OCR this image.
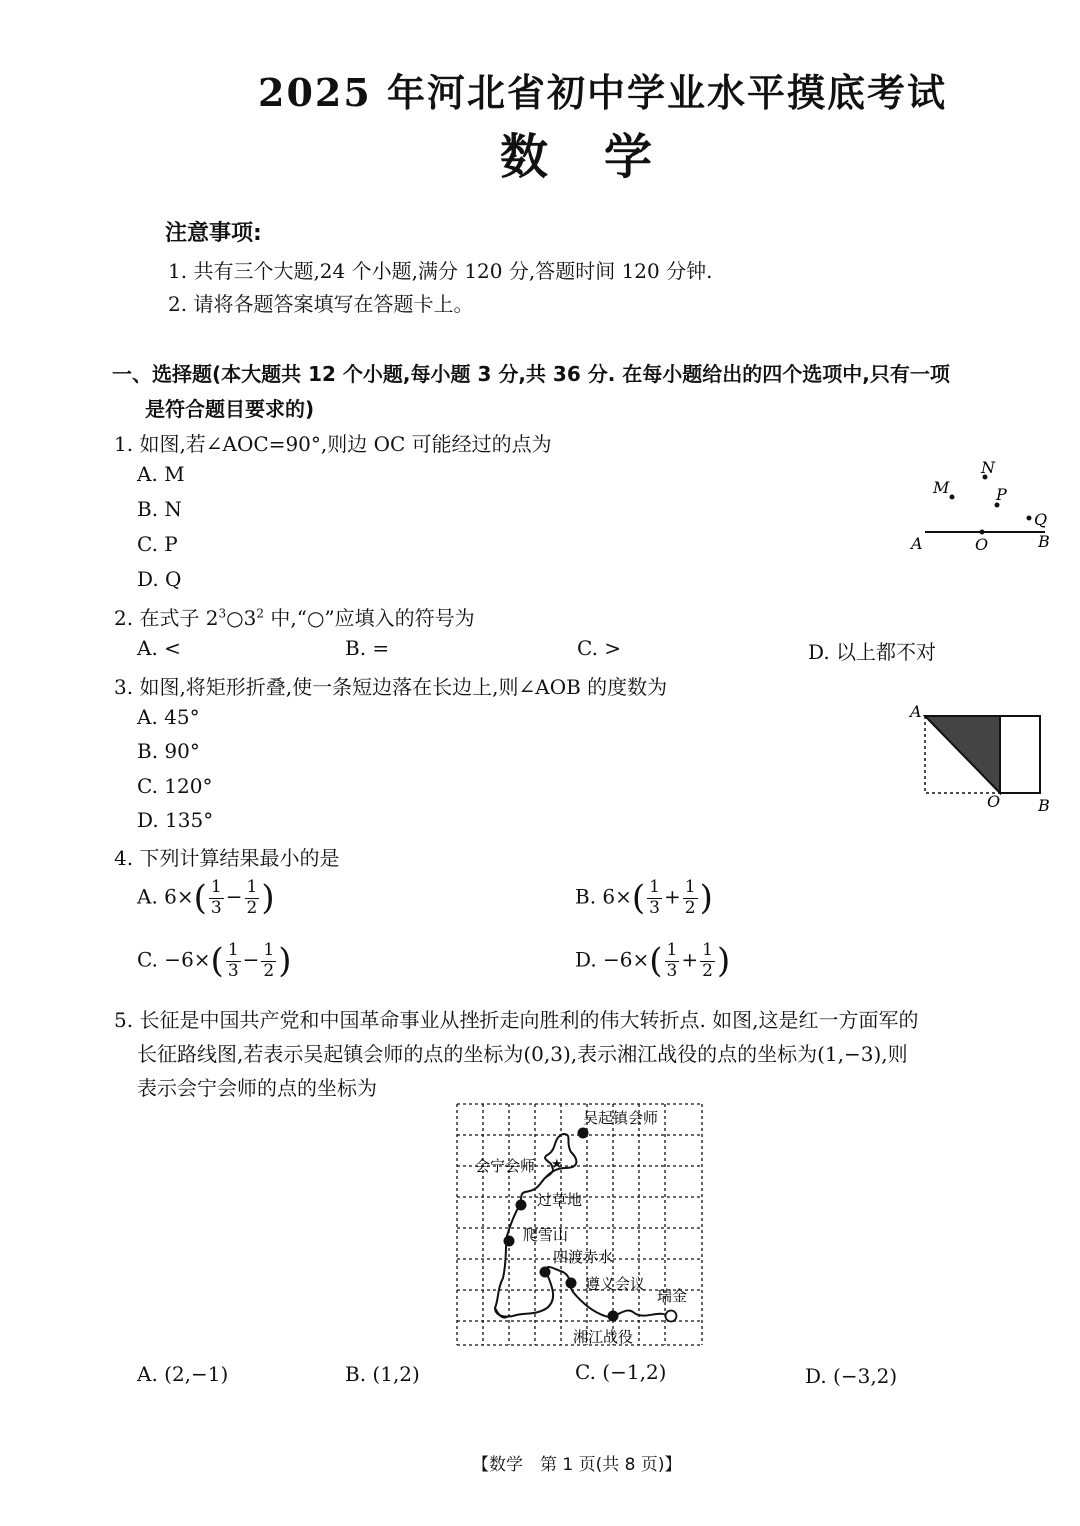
2025 年河北省初中学业水平摸底考试
数　学
注意事项:
1. 共有三个大题,24 个小题,满分 120 分,答题时间 120 分钟.
2. 请将各题答案填写在答题卡上。
一、选择题(本大题共 12 个小题,每小题 3 分,共 36 分. 在每小题给出的四个选项中,只有一项
是符合题目要求的)
1. 如图,若∠AOC=90°,则边 OC 可能经过的点为
A. M
B. N
C. P
D. Q
M
N
P
Q
A	O	B
2. 在式子 $2^3○3^2$ 中,“○”应填入的符号为
A. <	B. =	C. >	D. 以上都不对
3. 如图,将矩形折叠,使一条短边落在长边上,则∠AOB 的度数为
A. 45°
B. 90°
C. 120°
D. 135°
A
O B
4. 下列计算结果最小的是
A. $6\times( \frac{1}{3} - \frac{1}{2}$ )	B. $6\times( \frac{1}{3} + \frac{1}{2}$ )
C. $-6\times( \frac{1}{3} - \frac{1}{2}$ )	D. $-6\times( \frac{1}{3} + \frac{1}{2}$ )
5. 长征是中国共产党和中国革命事业从挫折走向胜利的伟大转折点. 如图,这是红一方面军的
长征路线图,若表示吴起镇会师的点的坐标为(0,3),表示湘江战役的点的坐标为(1,−3),则
表示会宁会师的点的坐标为
★
吴起镇会师
会宁会师
过草地
爬雪山
四渡赤水
遵义会议
瑞金
湘江战役
A. (2,−1)	B. (1,2)	C. (−1,2)	D. (−3,2)
【数学　第 1 页(共 8 页)】
